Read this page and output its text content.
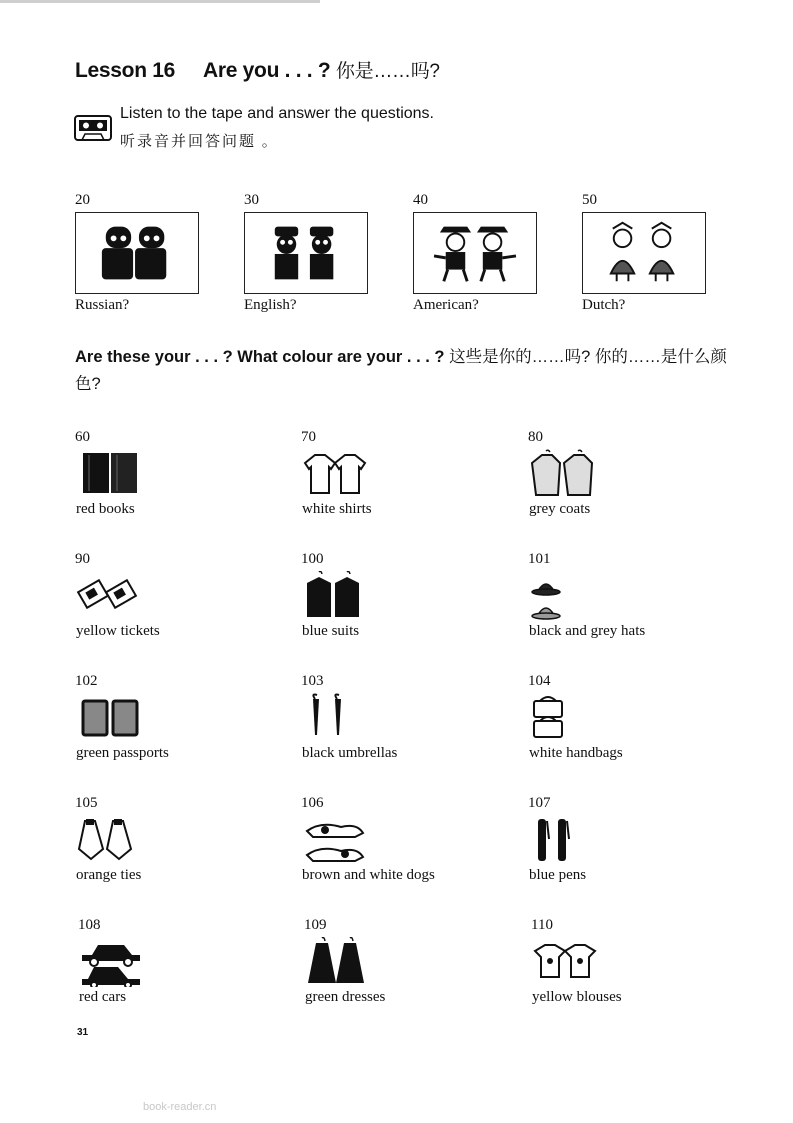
Lesson 16 Are you . . . ? 你是……吗?
Listen to the tape and answer the questions.
听录音并回答问题 。
20
Russian?
30
English?
40
American?
50
Dutch?
Are these your . . . ? What colour are your . . . ? 这些是你的……吗? 你的……是什么颜色?
60
red books
70
white shirts
80
grey coats
90
yellow tickets
100
blue suits
101
black and grey hats
102
green passports
103
black umbrellas
104
white handbags
105
orange ties
106
brown and white dogs
107
blue pens
108
red cars
109
green dresses
110
yellow blouses
31
book-reader.cn
